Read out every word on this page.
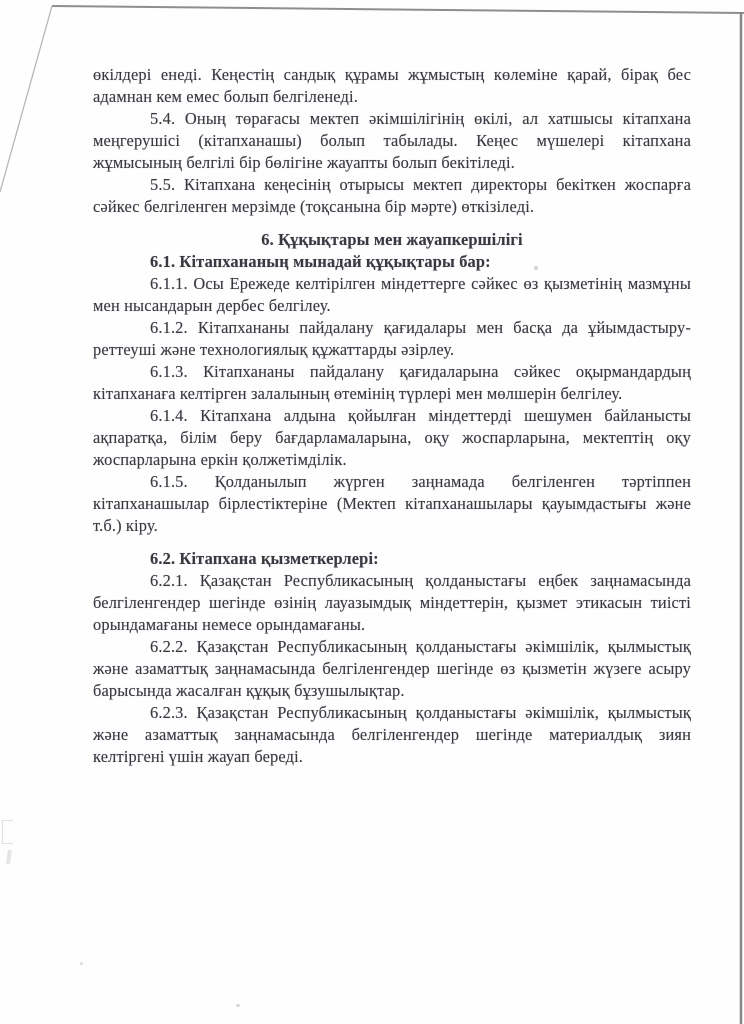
өкілдері енеді. Кеңестің сандық құрамы жұмыстың көлеміне қарай, бірақ бес адамнан кем емес болып белгіленеді.

5.4. Оның төрағасы мектеп әкімшілігінің өкілі, ал хатшысы кітапхана меңгерушісі (кітапханашы) болып табылады. Кеңес мүшелері кітапхана жұмысының белгілі бір бөлігіне жауапты болып бекітіледі.

5.5. Кітапхана кеңесінің отырысы мектеп директоры бекіткен жоспарға сәйкес белгіленген мерзімде (тоқсанына бір мәрте) өткізіледі.

6. Құқықтары мен жауапкершілігі

6.1. Кітапхананың мынадай құқықтары бар:

6.1.1. Осы Ережеде келтірілген міндеттерге сәйкес өз қызметінің мазмұны мен нысандарын дербес белгілеу.

6.1.2. Кітапхананы пайдалану қағидалары мен басқа да ұйымдастыру-реттеуші және технологиялық құжаттарды әзірлеу.

6.1.3. Кітапхананы пайдалану қағидаларына сәйкес оқырмандардың кітапханаға келтірген залалының өтемінің түрлері мен мөлшерін белгілеу.

6.1.4. Кітапхана алдына қойылған міндеттерді шешумен байланысты ақпаратқа, білім беру бағдарламаларына, оқу жоспарларына, мектептің оқу жоспарларына еркін қолжетімділік.

6.1.5. Қолданылып жүрген заңнамада белгіленген тәртіппен кітапханашылар бірлестіктеріне (Мектеп кітапханашылары қауымдастығы және т.б.) кіру.

6.2. Кітапхана қызметкерлері:

6.2.1. Қазақстан Республикасының қолданыстағы еңбек заңнамасында белгіленгендер шегінде өзінің лауазымдық міндеттерін, қызмет этикасын тиісті орындамағаны немесе орындамағаны.

6.2.2. Қазақстан Республикасының қолданыстағы әкімшілік, қылмыстық және азаматтық заңнамасында белгіленгендер шегінде өз қызметін жүзеге асыру барысында жасалған құқық бұзушылықтар.

6.2.3. Қазақстан Республикасының қолданыстағы әкімшілік, қылмыстық және азаматтық заңнамасында белгіленгендер шегінде материалдық зиян келтіргені үшін жауап береді.
